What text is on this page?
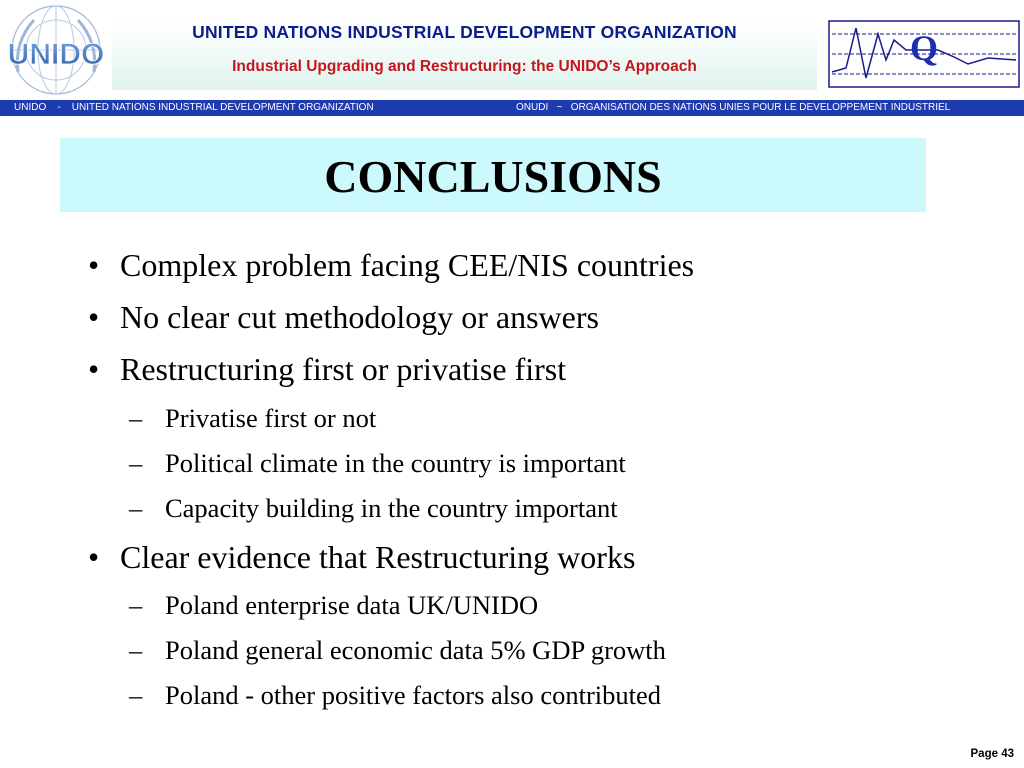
UNIDO
UNITED NATIONS INDUSTRIAL DEVELOPMENT ORGANIZATION
Industrial Upgrading and Restructuring: the UNIDO’s Approach	Q
UNIDO    -    UNITED NATIONS INDUSTRIAL DEVELOPMENT ORGANIZATION	ONUDI   ~   ORGANISATION DES NATIONS UNIES POUR LE DEVELOPPEMENT INDUSTRIEL
CONCLUSIONS
• Complex problem facing CEE/NIS countries
• No clear cut methodology or answers
• Restructuring first or privatise first
– Privatise first or not
– Political climate in the country is important
– Capacity building in the country important
• Clear evidence that Restructuring works
– Poland enterprise data UK/UNIDO
– Poland general economic data 5% GDP growth
– Poland - other positive factors also contributed
Page 43
